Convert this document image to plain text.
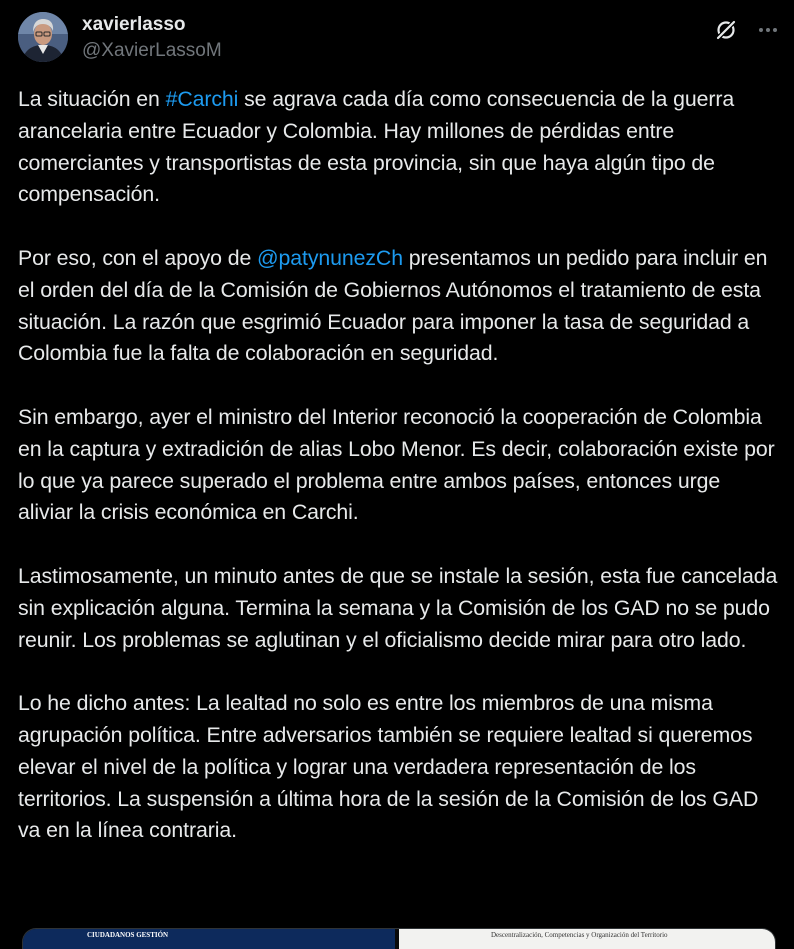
xavierlasso
@XavierLassoM

La situación en #Carchi se agrava cada día como consecuencia de la guerra arancelaria entre Ecuador y Colombia. Hay millones de pérdidas entre comerciantes y transportistas de esta provincia, sin que haya algún tipo de compensación.

Por eso, con el apoyo de @patynunezCh presentamos un pedido para incluir en el orden del día de la Comisión de Gobiernos Autónomos el tratamiento de esta situación. La razón que esgrimió Ecuador para imponer la tasa de seguridad a Colombia fue la falta de colaboración en seguridad.

Sin embargo, ayer el ministro del Interior reconoció la cooperación de Colombia en la captura y extradición de alias Lobo Menor. Es decir, colaboración existe por lo que ya parece superado el problema entre ambos países, entonces urge aliviar la crisis económica en Carchi.

Lastimosamente, un minuto antes de que se instale la sesión, esta fue cancelada sin explicación alguna. Termina la semana y la Comisión de los GAD no se pudo reunir. Los problemas se aglutinan y el oficialismo decide mirar para otro lado.

Lo he dicho antes: La lealtad no solo es entre los miembros de una misma agrupación política. Entre adversarios también se requiere lealtad si queremos elevar el nivel de la política y lograr una verdadera representación de los territorios. La suspensión a última hora de la sesión de la Comisión de los GAD va en la línea contraria.

CIUDADANOS GESTIÓN	Descentralización, Competencias y Organización del Territorio
